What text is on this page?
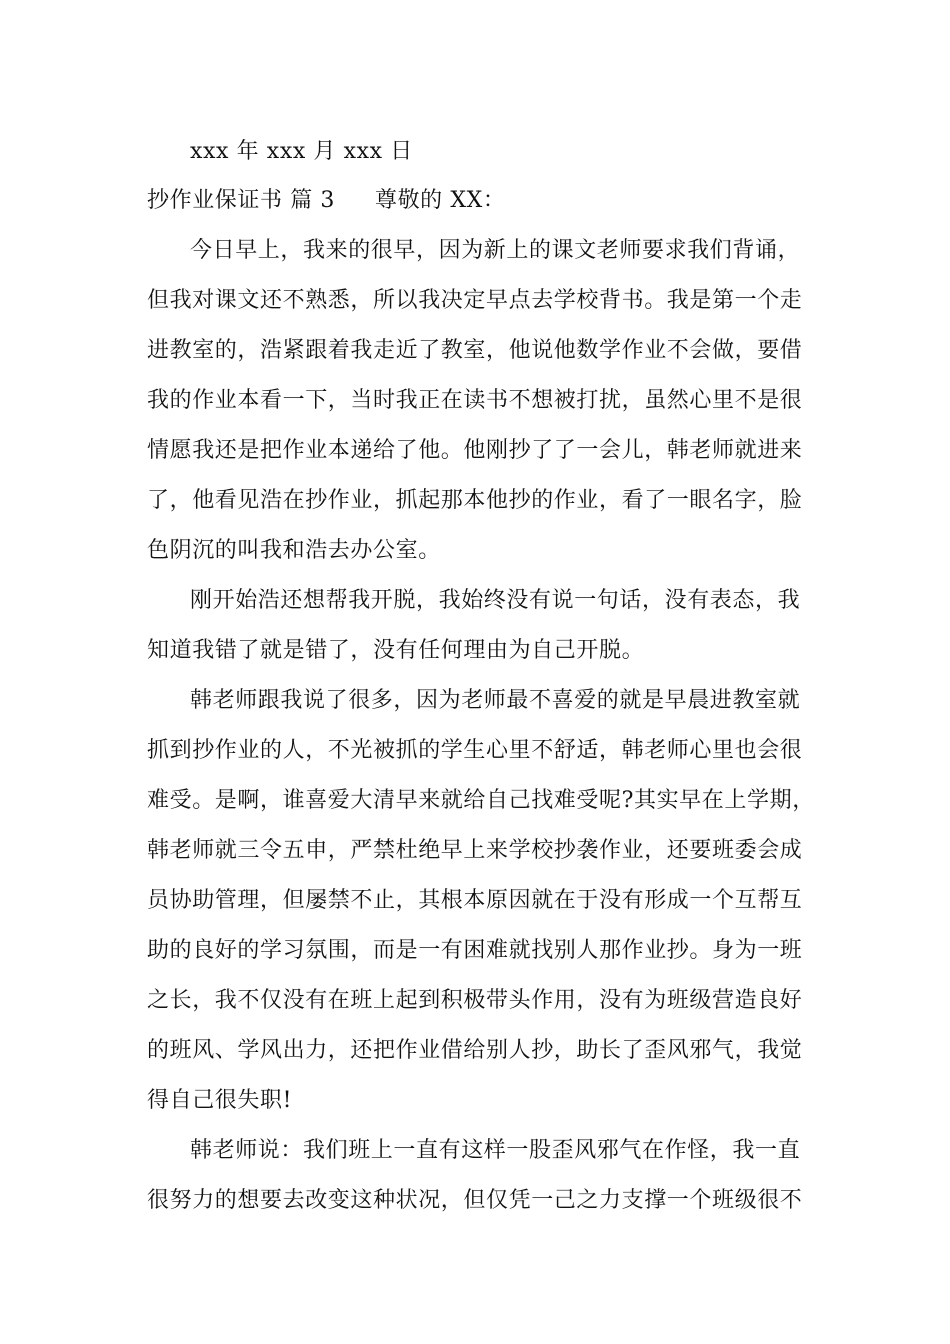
xxx 年 xxx 月 xxx 日
抄作业保证书 篇 3 尊敬的 XX：
今日早上，我来的很早，因为新上的课文老师要求我们背诵，
但我对课文还不熟悉，所以我决定早点去学校背书。我是第一个走
进教室的，浩紧跟着我走近了教室，他说他数学作业不会做，要借
我的作业本看一下，当时我正在读书不想被打扰，虽然心里不是很
情愿我还是把作业本递给了他。他刚抄了了一会儿，韩老师就进来
了，他看见浩在抄作业，抓起那本他抄的作业，看了一眼名字，脸
色阴沉的叫我和浩去办公室。
刚开始浩还想帮我开脱，我始终没有说一句话，没有表态，我
知道我错了就是错了，没有任何理由为自己开脱。
韩老师跟我说了很多，因为老师最不喜爱的就是早晨进教室就
抓到抄作业的人，不光被抓的学生心里不舒适，韩老师心里也会很
难受。是啊，谁喜爱大清早来就给自己找难受呢?其实早在上学期，
韩老师就三令五申，严禁杜绝早上来学校抄袭作业，还要班委会成
员协助管理，但屡禁不止，其根本原因就在于没有形成一个互帮互
助的良好的学习氛围，而是一有困难就找别人那作业抄。身为一班
之长，我不仅没有在班上起到积极带头作用，没有为班级营造良好
的班风、学风出力，还把作业借给别人抄，助长了歪风邪气，我觉
得自己很失职!
韩老师说：我们班上一直有这样一股歪风邪气在作怪，我一直
很努力的想要去改变这种状况，但仅凭一己之力支撑一个班级很不
